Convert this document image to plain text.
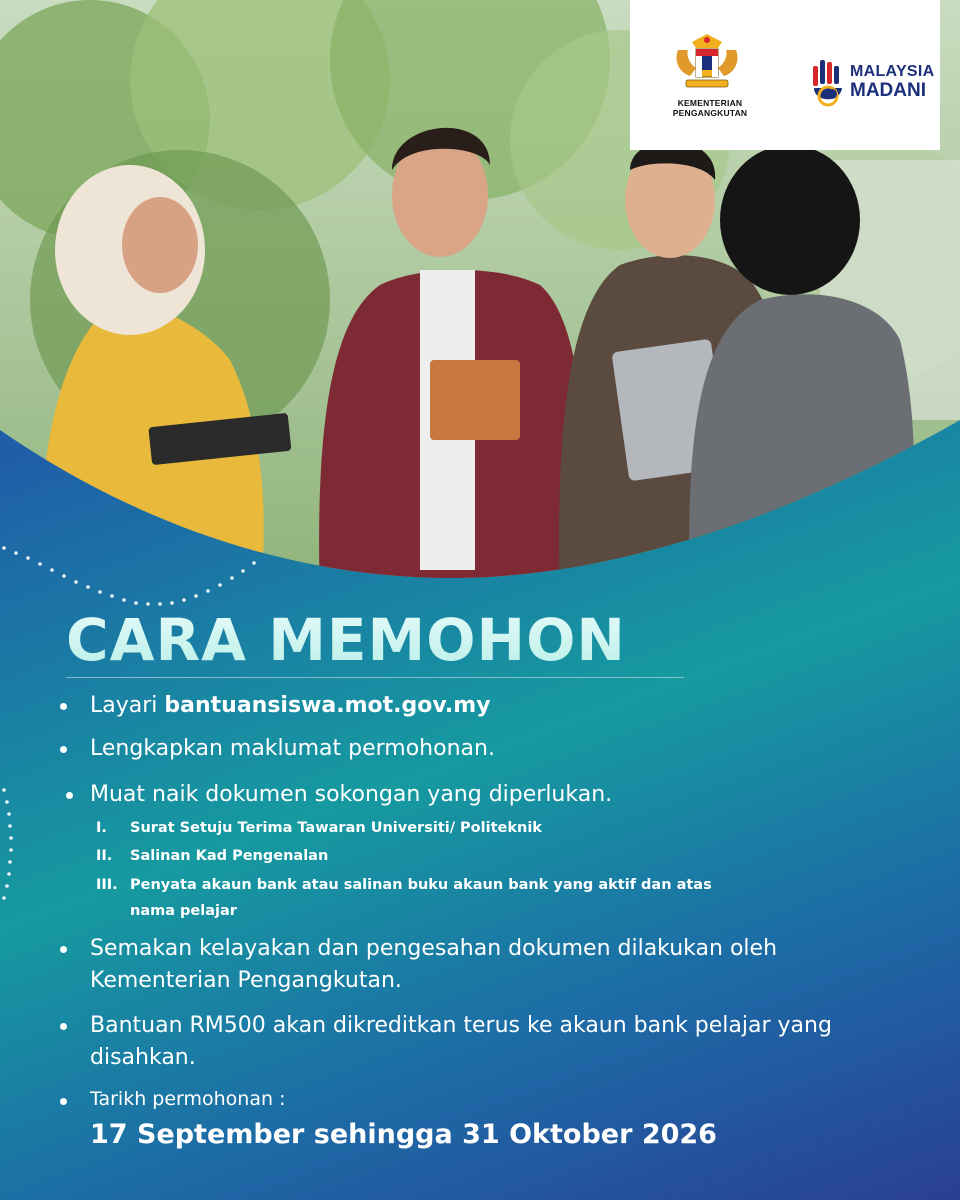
KEMENTERIAN PENGANGKUTAN
MALAYSIA
MADANI
CARA MEMOHON
Layari bantuansiswa.mot.gov.my
Lengkapkan maklumat permohonan.
Muat naik dokumen sokongan yang diperlukan.
I.	Surat Setuju Terima Tawaran Universiti/ Politeknik
II.	Salinan Kad Pengenalan
III. Penyata akaun bank atau salinan buku akaun bank yang aktif dan atas nama pelajar
Semakan kelayakan dan pengesahan dokumen dilakukan oleh Kementerian Pengangkutan.
Bantuan RM500 akan dikreditkan terus ke akaun bank pelajar yang disahkan.
Tarikh permohonan :
17 September sehingga 31 Oktober 2026
